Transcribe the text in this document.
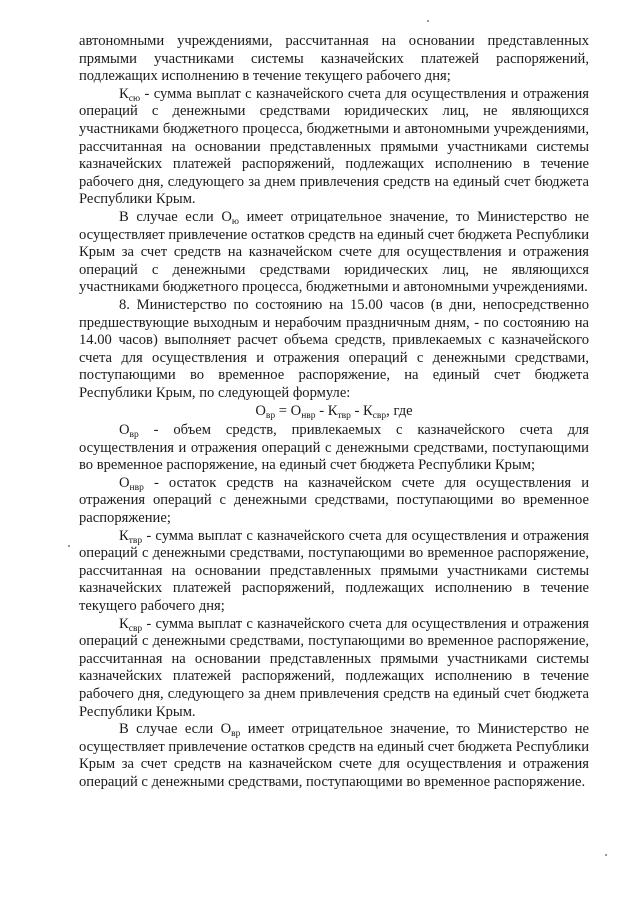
автономными учреждениями, рассчитанная на основании представленных прямыми участниками системы казначейских платежей распоряжений, подлежащих исполнению в течение текущего рабочего дня;

$К_{сю}$ - сумма выплат с казначейского счета для осуществления и отражения операций с денежными средствами юридических лиц, не являющихся участниками бюджетного процесса, бюджетными и автономными учреждениями, рассчитанная на основании представленных прямыми участниками системы казначейских платежей распоряжений, подлежащих исполнению в течение рабочего дня, следующего за днем привлечения средств на единый счет бюджета Республики Крым.

В случае если $О_ю$ имеет отрицательное значение, то Министерство не осуществляет привлечение остатков средств на единый счет бюджета Республики Крым за счет средств на казначейском счете для осуществления и отражения операций с денежными средствами юридических лиц, не являющихся участниками бюджетного процесса, бюджетными и автономными учреждениями.

8. Министерство по состоянию на 15.00 часов (в дни, непосредственно предшествующие выходным и нерабочим праздничным дням, - по состоянию на 14.00 часов) выполняет расчет объема средств, привлекаемых с казначейского счета для осуществления и отражения операций с денежными средствами, поступающими во временное распоряжение, на единый счет бюджета Республики Крым, по следующей формуле:

$О_{вр} = О_{нвр} - К_{твр} - К_{свр}$, где

$О_{вр}$ - объем средств, привлекаемых с казначейского счета для осуществления и отражения операций с денежными средствами, поступающими во временное распоряжение, на единый счет бюджета Республики Крым;

$О_{нвр}$ - остаток средств на казначейском счете для осуществления и отражения операций с денежными средствами, поступающими во временное распоряжение;

$К_{твр}$ - сумма выплат с казначейского счета для осуществления и отражения операций с денежными средствами, поступающими во временное распоряжение, рассчитанная на основании представленных прямыми участниками системы казначейских платежей распоряжений, подлежащих исполнению в течение текущего рабочего дня;

$К_{свр}$ - сумма выплат с казначейского счета для осуществления и отражения операций с денежными средствами, поступающими во временное распоряжение, рассчитанная на основании представленных прямыми участниками системы казначейских платежей распоряжений, подлежащих исполнению в течение рабочего дня, следующего за днем привлечения средств на единый счет бюджета Республики Крым.

В случае если $О_{вр}$ имеет отрицательное значение, то Министерство не осуществляет привлечение остатков средств на единый счет бюджета Республики Крым за счет средств на казначейском счете для осуществления и отражения операций с денежными средствами, поступающими во временное распоряжение.
